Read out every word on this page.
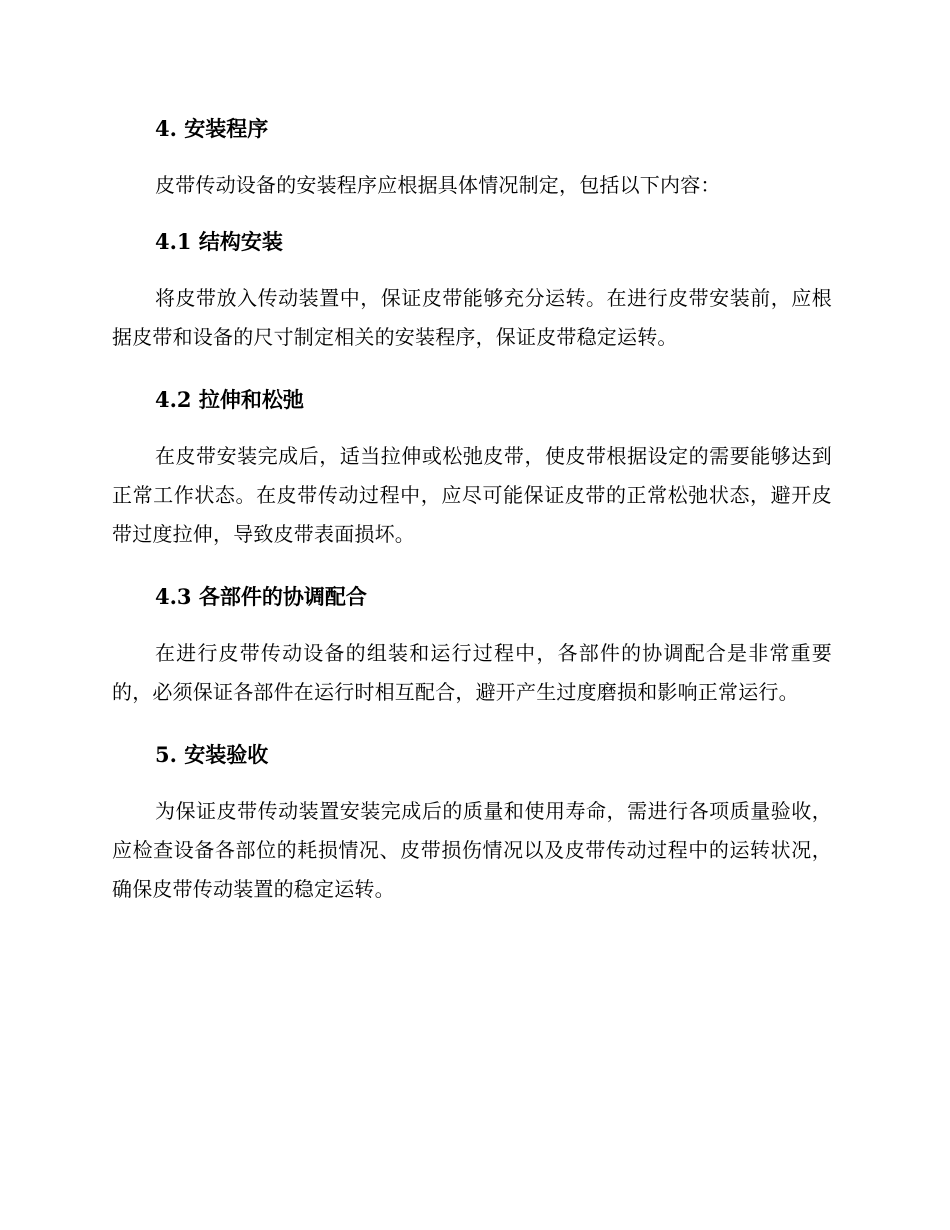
4. 安装程序
皮带传动设备的安装程序应根据具体情况制定，包括以下内容：
4.1 结构安装
将皮带放入传动装置中，保证皮带能够充分运转。在进行皮带安装前，应根据皮带和设备的尺寸制定相关的安装程序，保证皮带稳定运转。
4.2 拉伸和松弛
在皮带安装完成后，适当拉伸或松弛皮带，使皮带根据设定的需要能够达到正常工作状态。在皮带传动过程中，应尽可能保证皮带的正常松弛状态，避开皮带过度拉伸，导致皮带表面损坏。
4.3 各部件的协调配合
在进行皮带传动设备的组装和运行过程中，各部件的协调配合是非常重要的，必须保证各部件在运行时相互配合，避开产生过度磨损和影响正常运行。
5. 安装验收
为保证皮带传动装置安装完成后的质量和使用寿命，需进行各项质量验收，应检查设备各部位的耗损情况、皮带损伤情况以及皮带传动过程中的运转状况，确保皮带传动装置的稳定运转。
